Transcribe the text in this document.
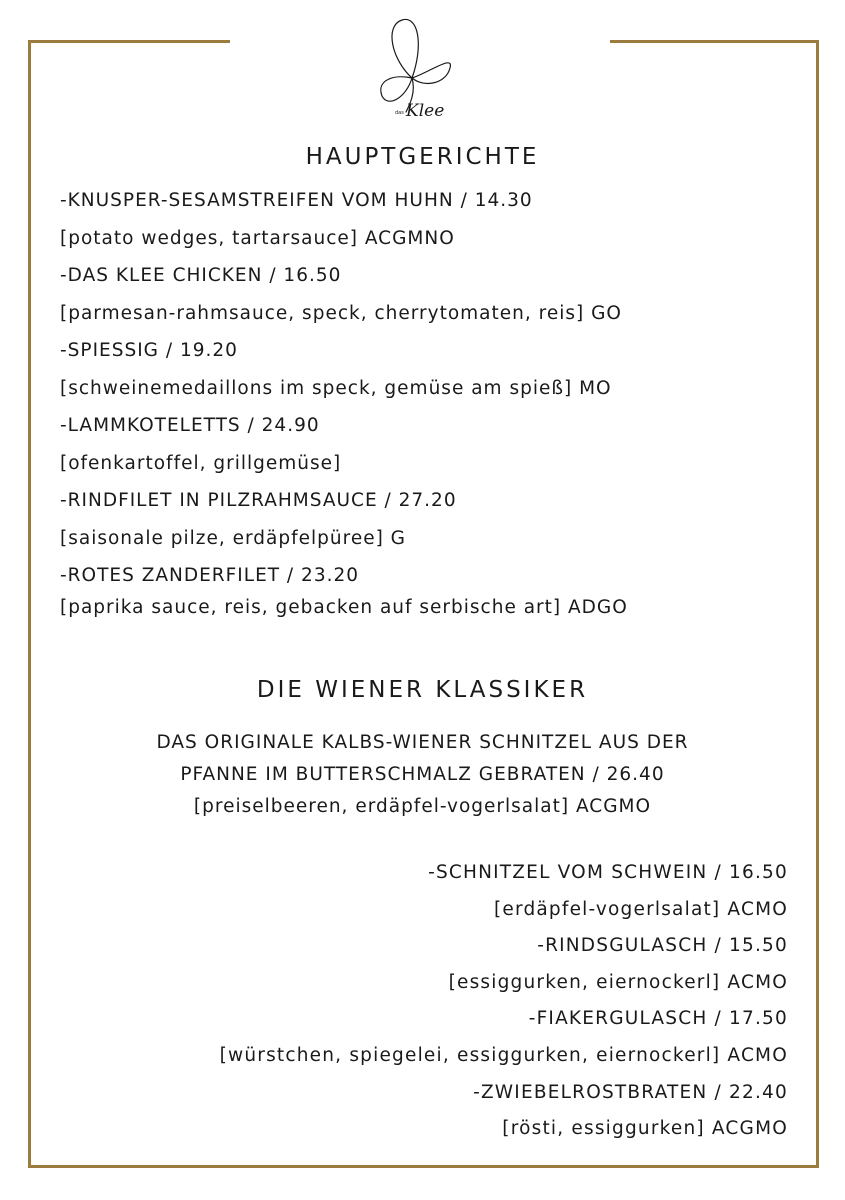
Klee
das
HAUPTGERICHTE
-KNUSPER-SESAMSTREIFEN VOM HUHN / 14.30
[potato wedges, tartarsauce] ACGMNO
-DAS KLEE CHICKEN / 16.50
[parmesan-rahmsauce, speck, cherrytomaten, reis] GO
-SPIESSIG / 19.20
[schweinemedaillons im speck, gemüse am spieß] MO
-LAMMKOTELETTS / 24.90
[ofenkartoffel, grillgemüse]
-RINDFILET IN PILZRAHMSAUCE / 27.20
[saisonale pilze, erdäpfelpüree] G
-ROTES ZANDERFILET / 23.20
[paprika sauce, reis, gebacken auf serbische art] ADGO
DIE WIENER KLASSIKER
DAS ORIGINALE KALBS-WIENER SCHNITZEL AUS DER
PFANNE IM BUTTERSCHMALZ GEBRATEN / 26.40
[preiselbeeren, erdäpfel-vogerlsalat] ACGMO
-SCHNITZEL VOM SCHWEIN / 16.50
[erdäpfel-vogerlsalat] ACMO
-RINDSGULASCH / 15.50
[essiggurken, eiernockerl] ACMO
-FIAKERGULASCH / 17.50
[würstchen, spiegelei, essiggurken, eiernockerl] ACMO
-ZWIEBELROSTBRATEN / 22.40
[rösti, essiggurken] ACGMO
